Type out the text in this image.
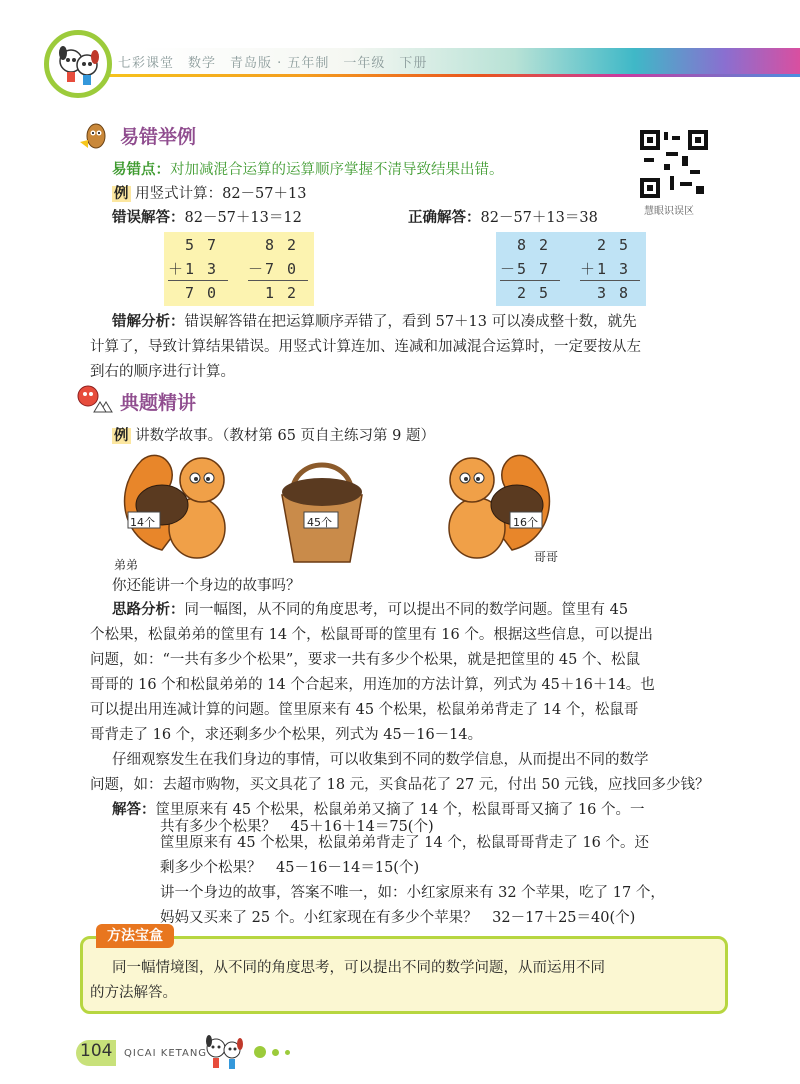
七彩课堂　数学　青岛版 · 五年制　一年级　下册
易错举例
慧眼识误区
易错点：对加减混合运算的运算顺序掌握不清导致结果出错。
例 用竖式计算：82－57＋13
错误解答：82－57＋13＝12	正确解答：82－57＋13＝38
　5 7
＋1 3
　7 0
　8 2
－7 0
　1 2
　8 2
－5 7
　2 5
　2 5
＋1 3
　3 8
错解分析：错误解答错在把运算顺序弄错了，看到 57＋13 可以凑成整十数，就先
计算了，导致计算结果错误。用竖式计算连加、连减和加减混合运算时，一定要按从左
到右的顺序进行计算。
典题精讲
例 讲数学故事。（教材第 65 页自主练习第 9 题）
14个	45个	16个
弟弟
哥哥
你还能讲一个身边的故事吗？
思路分析：同一幅图，从不同的角度思考，可以提出不同的数学问题。筐里有 45
个松果，松鼠弟弟的筐里有 14 个，松鼠哥哥的筐里有 16 个。根据这些信息，可以提出
问题，如：“一共有多少个松果”，要求一共有多少个松果，就是把筐里的 45 个、松鼠
哥哥的 16 个和松鼠弟弟的 14 个合起来，用连加的方法计算，列式为 45＋16＋14。也
可以提出用连减计算的问题。筐里原来有 45 个松果，松鼠弟弟背走了 14 个，松鼠哥
哥背走了 16 个，求还剩多少个松果，列式为 45－16－14。
仔细观察发生在我们身边的事情，可以收集到不同的数学信息，从而提出不同的数学
问题，如：去超市购物，买文具花了 18 元，买食品花了 27 元，付出 50 元钱，应找回多少钱？
解答：筐里原来有 45 个松果，松鼠弟弟又摘了 14 个，松鼠哥哥又摘了 16 个。一
共有多少个松果？　45＋16＋14＝75(个)
筐里原来有 45 个松果，松鼠弟弟背走了 14 个，松鼠哥哥背走了 16 个。还
剩多少个松果？　45－16－14＝15(个)
讲一个身边的故事，答案不唯一，如：小红家原来有 32 个苹果，吃了 17 个，
方法宝盒
同一幅情境图，从不同的角度思考，可以提出不同的数学问题，从而运用不同
的方法解答。
104 QICAI KETANG
妈妈又买来了 25 个。小红家现在有多少个苹果？　32－17＋25＝40(个)
